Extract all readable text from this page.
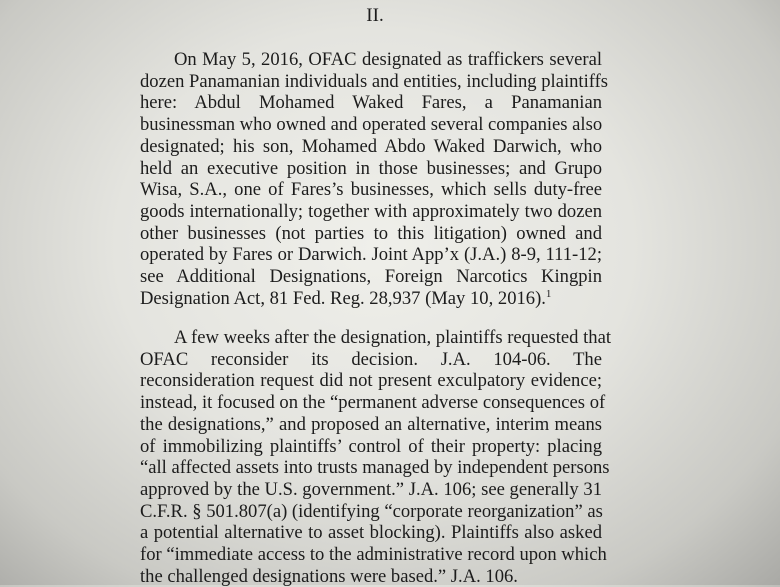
II.
On May 5, 2016, OFAC designated as traffickers several
dozen Panamanian individuals and entities, including plaintiffs
here: Abdul Mohamed Waked Fares, a Panamanian
businessman who owned and operated several companies also
designated; his son, Mohamed Abdo Waked Darwich, who
held an executive position in those businesses; and Grupo
Wisa, S.A., one of Fares’s businesses, which sells duty-free
goods internationally; together with approximately two dozen
other businesses (not parties to this litigation) owned and
operated by Fares or Darwich. Joint App’x (J.A.) 8-9, 111-12;
see Additional Designations, Foreign Narcotics Kingpin
Designation Act, 81 Fed. Reg. 28,937 (May 10, 2016).$^1$
A few weeks after the designation, plaintiffs requested that
OFAC reconsider its decision. J.A. 104-06. The
reconsideration request did not present exculpatory evidence;
instead, it focused on the “permanent adverse consequences of
the designations,” and proposed an alternative, interim means
of immobilizing plaintiffs’ control of their property: placing
“all affected assets into trusts managed by independent persons
approved by the U.S. government.” J.A. 106; see generally 31
C.F.R. § 501.807(a) (identifying “corporate reorganization” as
a potential alternative to asset blocking). Plaintiffs also asked
for “immediate access to the administrative record upon which
the challenged designations were based.” J.A. 106.
